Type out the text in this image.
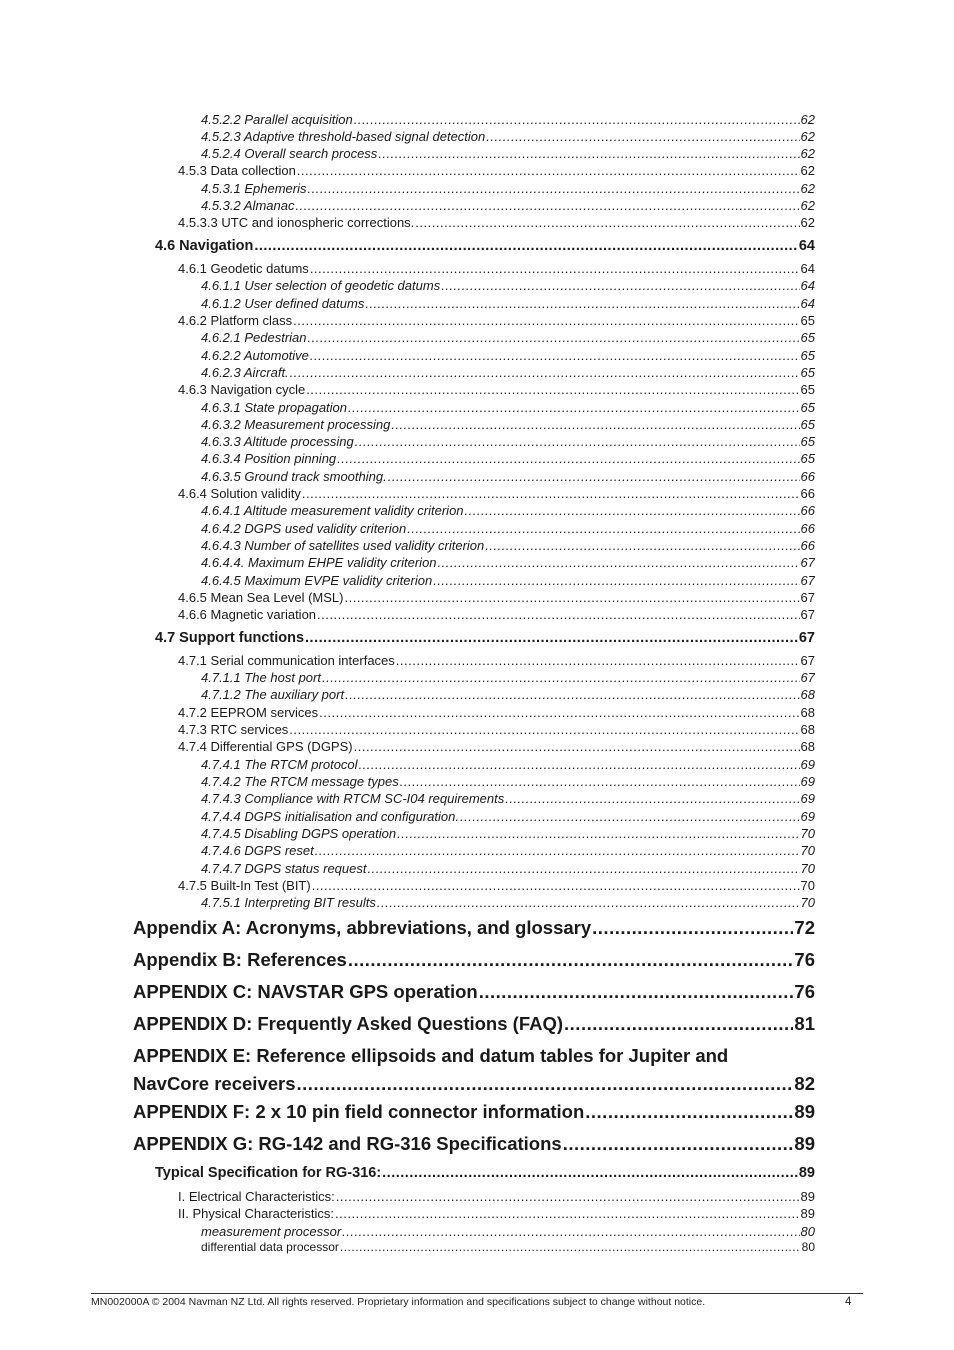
4.5.2.2 Parallel acquisition .....	62
4.5.2.3 Adaptive threshold-based signal detection .....	62
4.5.2.4 Overall search process .....	62
4.5.3 Data collection .....	62
4.5.3.1 Ephemeris .....	62
4.5.3.2 Almanac .....	62
4.5.3.3 UTC and ionospheric corrections. .....	62
4.6 Navigation .....	64
4.6.1 Geodetic datums .....	64
4.6.1.1 User selection of geodetic datums .....	64
4.6.1.2 User defined datums .....	64
4.6.2 Platform class .....	65
4.6.2.1 Pedestrian .....	65
4.6.2.2 Automotive .....	65
4.6.2.3 Aircraft. .....	65
4.6.3 Navigation cycle .....	65
4.6.3.1 State propagation .....	65
4.6.3.2 Measurement processing .....	65
4.6.3.3 Altitude processing .....	65
4.6.3.4 Position pinning .....	65
4.6.3.5 Ground track smoothing. .....	66
4.6.4 Solution validity .....	66
4.6.4.1 Altitude measurement validity criterion .....	66
4.6.4.2 DGPS used validity criterion .....	66
4.6.4.3 Number of satellites used validity criterion .....	66
4.6.4.4. Maximum EHPE validity criterion .....	67
4.6.4.5 Maximum EVPE validity criterion .....	67
4.6.5 Mean Sea Level (MSL) .....	67
4.6.6 Magnetic variation .....	67
4.7 Support functions .....	67
4.7.1 Serial communication interfaces .....	67
4.7.1.1 The host port .....	67
4.7.1.2 The auxiliary port .....	68
4.7.2 EEPROM services .....	68
4.7.3 RTC services .....	68
4.7.4 Differential GPS (DGPS) .....	68
4.7.4.1 The RTCM protocol .....	69
4.7.4.2 The RTCM message types .....	69
4.7.4.3 Compliance with RTCM SC-I04 requirements .....	69
4.7.4.4 DGPS initialisation and configuration. .....	69
4.7.4.5 Disabling DGPS operation .....	70
4.7.4.6 DGPS reset .....	70
4.7.4.7 DGPS status request .....	70
4.7.5 Built-In Test (BIT) .....	70
4.7.5.1 Interpreting BIT results .....	70
Appendix A: Acronyms, abbreviations, and glossary .....	72
Appendix B: References .....	76
APPENDIX C: NAVSTAR GPS operation .....	76
APPENDIX D: Frequently Asked Questions (FAQ) .....	81
APPENDIX E: Reference ellipsoids and datum tables for Jupiter and
NavCore receivers .....	82
APPENDIX F: 2 x 10 pin field connector information .....	89
APPENDIX G: RG-142 and RG-316 Specifications .....	89
Typical Specification for RG-316: .....	89
I. Electrical Characteristics: .....	89
II. Physical Characteristics: .....	89
measurement processor .....	80
differential data processor .....	80
MN002000A © 2004 Navman NZ Ltd. All rights reserved. Proprietary information and specifications subject to change without notice.	4
